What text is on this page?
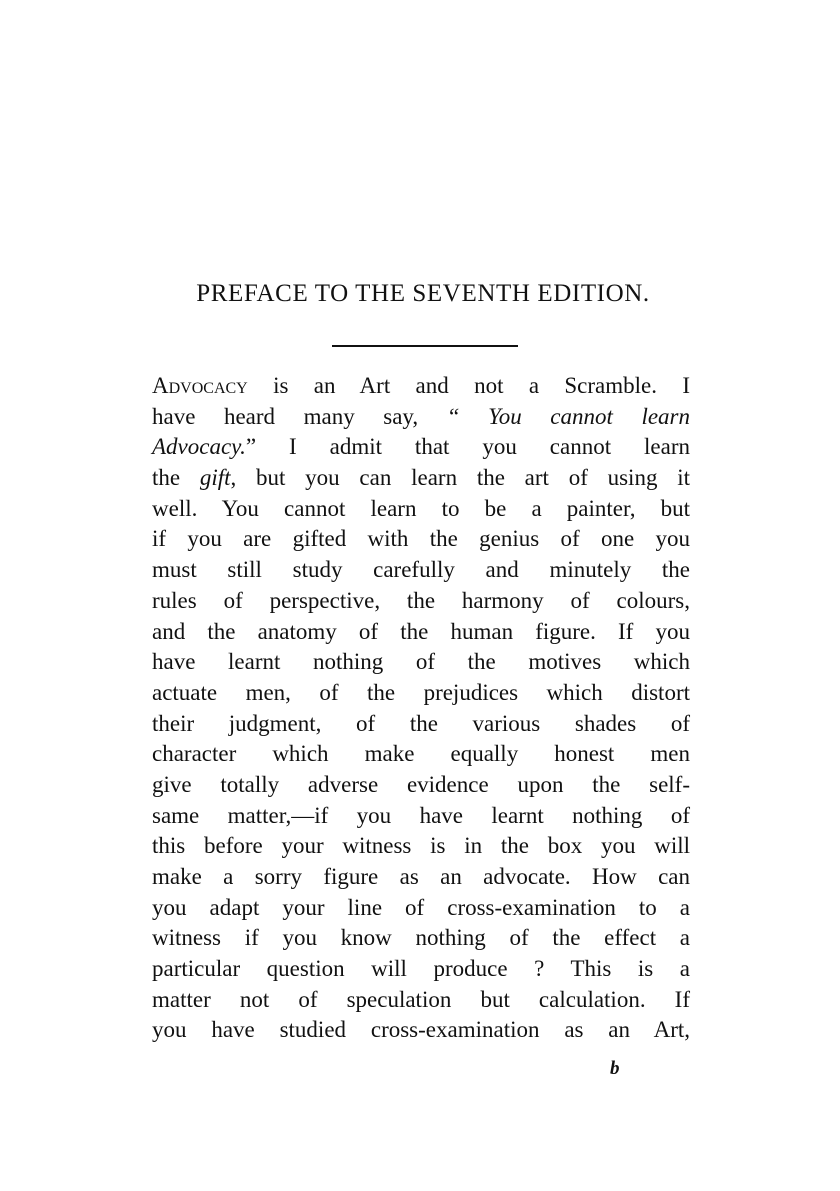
PREFACE TO THE SEVENTH EDITION.
Advocacy is an Art and not a Scramble. I
have heard many say, “ You cannot learn
Advocacy.” I admit that you cannot learn
the gift, but you can learn the art of using it
well. You cannot learn to be a painter, but
if you are gifted with the genius of one you
must still study carefully and minutely the
rules of perspective, the harmony of colours,
and the anatomy of the human figure. If you
have learnt nothing of the motives which
actuate men, of the prejudices which distort
their judgment, of the various shades of
character which make equally honest men
give totally adverse evidence upon the self-
same matter,—if you have learnt nothing of
this before your witness is in the box you will
make a sorry figure as an advocate. How can
you adapt your line of cross-examination to a
witness if you know nothing of the effect a
particular question will produce ? This is a
matter not of speculation but calculation. If
you have studied cross-examination as an Art,
b
